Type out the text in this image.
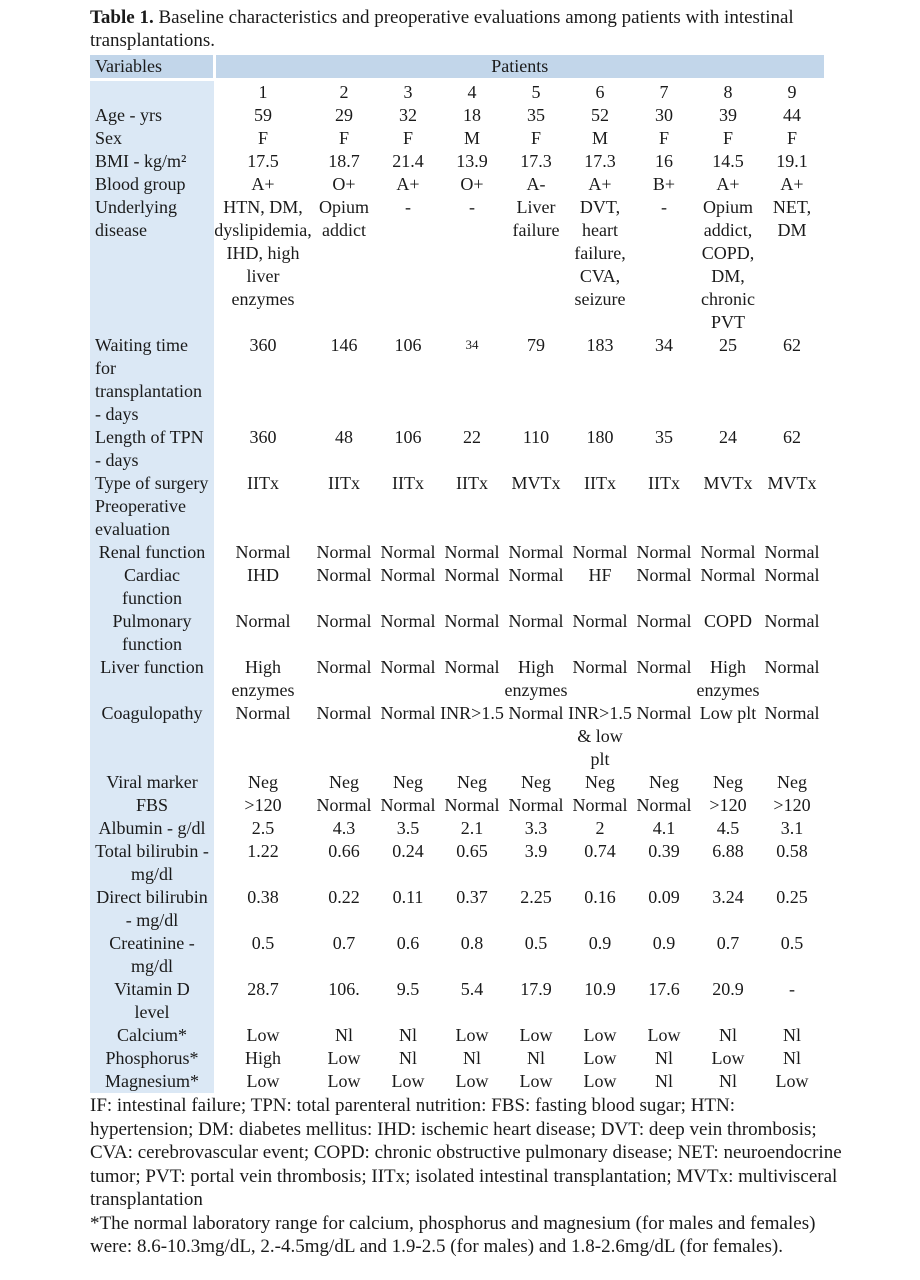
Table 1. Baseline characteristics and preoperative evaluations among patients with intestinal transplantations.

Variables	Patients								
	1	2	3	4	5	6	7	8	9
Age - yrs	59	29	32	18	35	52	30	39	44
Sex	F	F	F	M	F	M	F	F	F
BMI - kg/m²	17.5	18.7	21.4	13.9	17.3	17.3	16	14.5	19.1
Blood group	A+	O+	A+	O+	A-	A+	B+	A+	A+
Underlying disease	HTN, DM, dyslipidemia, IHD, high liver enzymes	Opium addict	-	-	Liver failure	DVT, heart failure, CVA, seizure	-	Opium addict, COPD, DM, chronic PVT	NET, DM
Waiting time for transplantation - days	360	146	106	34	79	183	34	25	62
Length of TPN - days	360	48	106	22	110	180	35	24	62
Type of surgery	IITx	IITx	IITx	IITx	MVTx	IITx	IITx	MVTx	MVTx
Preoperative evaluation									
Renal function	Normal	Normal	Normal	Normal	Normal	Normal	Normal	Normal	Normal
Cardiac function	IHD	Normal	Normal	Normal	Normal	HF	Normal	Normal	Normal
Pulmonary function	Normal	Normal	Normal	Normal	Normal	Normal	Normal	COPD	Normal
Liver function	High enzymes	Normal	Normal	Normal	High enzymes	Normal	Normal	High enzymes	Normal
Coagulopathy	Normal	Normal	Normal	INR>1.5	Normal	INR>1.5 & low plt	Normal	Low plt	Normal
Viral marker	Neg	Neg	Neg	Neg	Neg	Neg	Neg	Neg	Neg
FBS	>120	Normal	Normal	Normal	Normal	Normal	Normal	>120	>120
Albumin - g/dl	2.5	4.3	3.5	2.1	3.3	2	4.1	4.5	3.1
Total bilirubin - mg/dl	1.22	0.66	0.24	0.65	3.9	0.74	0.39	6.88	0.58
Direct bilirubin - mg/dl	0.38	0.22	0.11	0.37	2.25	0.16	0.09	3.24	0.25
Creatinine - mg/dl	0.5	0.7	0.6	0.8	0.5	0.9	0.9	0.7	0.5
Vitamin D level	28.7	106.	9.5	5.4	17.9	10.9	17.6	20.9	-
Calcium*	Low	Nl	Nl	Low	Low	Low	Low	Nl	Nl
Phosphorus*	High	Low	Nl	Nl	Nl	Low	Nl	Low	Nl
Magnesium*	Low	Low	Low	Low	Low	Low	Nl	Nl	Low
IF: intestinal failure; TPN: total parenteral nutrition: FBS: fasting blood sugar; HTN:
hypertension; DM: diabetes mellitus: IHD: ischemic heart disease; DVT: deep vein thrombosis;
CVA: cerebrovascular event; COPD: chronic obstructive pulmonary disease; NET: neuroendocrine
tumor; PVT: portal vein thrombosis; IITx; isolated intestinal transplantation; MVTx: multivisceral
transplantation
*The normal laboratory range for calcium, phosphorus and magnesium (for males and females)
were: 8.6-10.3mg/dL, 2.-4.5mg/dL and 1.9-2.5 (for males) and 1.8-2.6mg/dL (for females).
